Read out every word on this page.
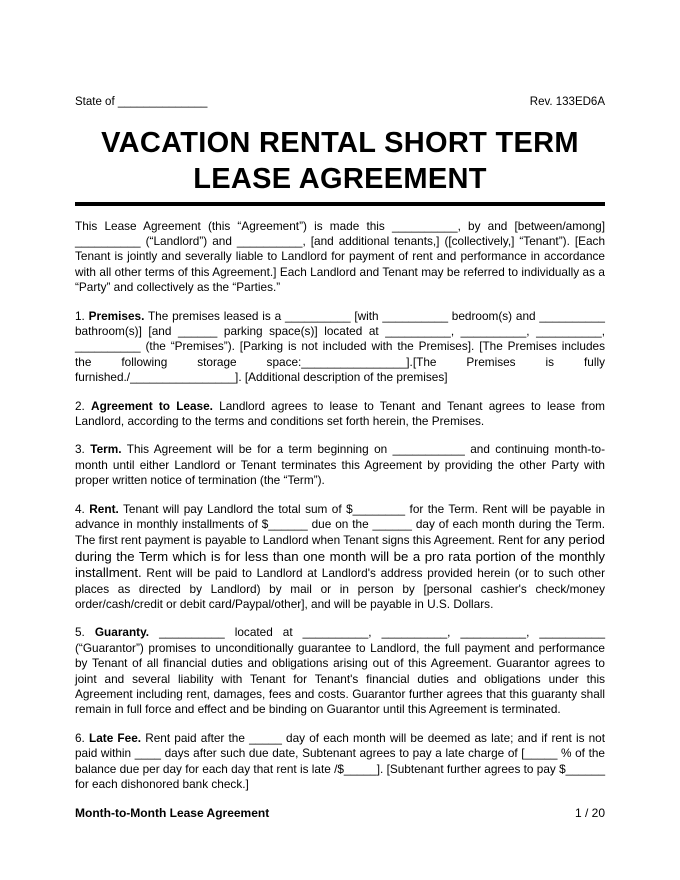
State of ______________	Rev. 133ED6A
VACATION RENTAL SHORT TERM
LEASE AGREEMENT

This Lease Agreement (this “Agreement”) is made this __________, by and [between/among] __________ (“Landlord”) and __________, [and additional tenants,] ([collectively,] “Tenant”). [Each Tenant is jointly and severally liable to Landlord for payment of rent and performance in accordance with all other terms of this Agreement.] Each Landlord and Tenant may be referred to individually as a “Party” and collectively as the “Parties.”

1. Premises. The premises leased is a __________ [with __________ bedroom(s) and __________ bathroom(s)] [and ______ parking space(s)] located at __________, __________, __________, __________ (the “Premises”). [Parking is not included with the Premises]. [The Premises includes the following storage space:________________].[The Premises is fully furnished./________________]. [Additional description of the premises]

2. Agreement to Lease. Landlord agrees to lease to Tenant and Tenant agrees to lease from Landlord, according to the terms and conditions set forth herein, the Premises.

3. Term. This Agreement will be for a term beginning on ___________ and continuing month-to-month until either Landlord or Tenant terminates this Agreement by providing the other Party with proper written notice of termination (the “Term”).

4. Rent. Tenant will pay Landlord the total sum of $________ for the Term. Rent will be payable in advance in monthly installments of $______ due on the ______ day of each month during the Term. The first rent payment is payable to Landlord when Tenant signs this Agreement. Rent for any period during the Term which is for less than one month will be a pro rata portion of the monthly installment. Rent will be paid to Landlord at Landlord's address provided herein (or to such other places as directed by Landlord) by mail or in person by [personal cashier's check/money order/cash/credit or debit card/Paypal/other], and will be payable in U.S. Dollars.

5. Guaranty. __________ located at __________, __________, __________, __________ (“Guarantor”) promises to unconditionally guarantee to Landlord, the full payment and performance by Tenant of all financial duties and obligations arising out of this Agreement. Guarantor agrees to joint and several liability with Tenant for Tenant's financial duties and obligations under this Agreement including rent, damages, fees and costs. Guarantor further agrees that this guaranty shall remain in full force and effect and be binding on Guarantor until this Agreement is terminated.

6. Late Fee. Rent paid after the _____ day of each month will be deemed as late; and if rent is not paid within ____ days after such due date, Subtenant agrees to pay a late charge of [_____ % of the balance due per day for each day that rent is late /$_____]. [Subtenant further agrees to pay $______ for each dishonored bank check.]

Month-to-Month Lease Agreement	1 / 20
